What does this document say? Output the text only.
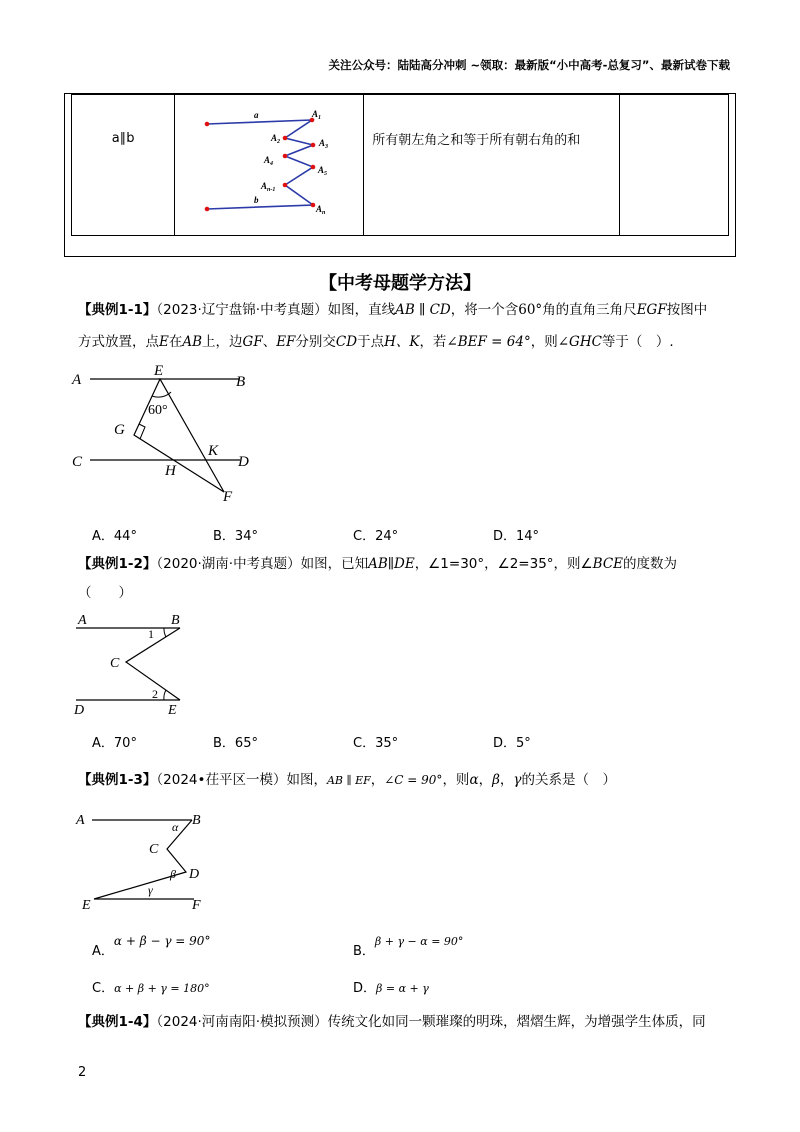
关注公众号：陆陆高分冲刺 ~领取：最新版“小中高考-总复习”、最新试卷下载
a∥b	
a
b
$A_1$
$A_2$	$A_3$
$A_4$
$A_5$
$A_{n-1}$
$A_n$
	所有朝左角之和等于所有朝右角的和	
【中考母题学方法】
【典例1-1】（2023·辽宁盘锦·中考真题）如图，直线AB ∥ CD，将一个含60°角的直角三角尺EGF按图中
方式放置，点E在AB上，边GF、EF分别交CD于点H、K，若∠BEF = 64°，则∠GHC等于（　）.
A	B
C	D
E
G
H
K
F
60°
A．44°	B．34°	C．24°	D．14°
【典例1-2】（2020·湖南·中考真题）如图，已知AB∥DE，∠1=30°，∠2=35°，则∠BCE的度数为
（　　）
A	B
C
D	E
1
2
A．70°	B．65°	C．35°	D．5°
【典例1-3】（2024•茌平区一模）如图，AB ∥ EF，∠C = 90°，则α，β，γ的关系是（　）
A	B
C
D
E	F
α
β
γ
A．α + β − γ = 90°
B．β + γ − α = 90°
C．α + β + γ = 180°	D．β = α + γ
【典例1-4】（2024·河南南阳·模拟预测）传统文化如同一颗璀璨的明珠，熠熠生辉，为增强学生体质，同
2
